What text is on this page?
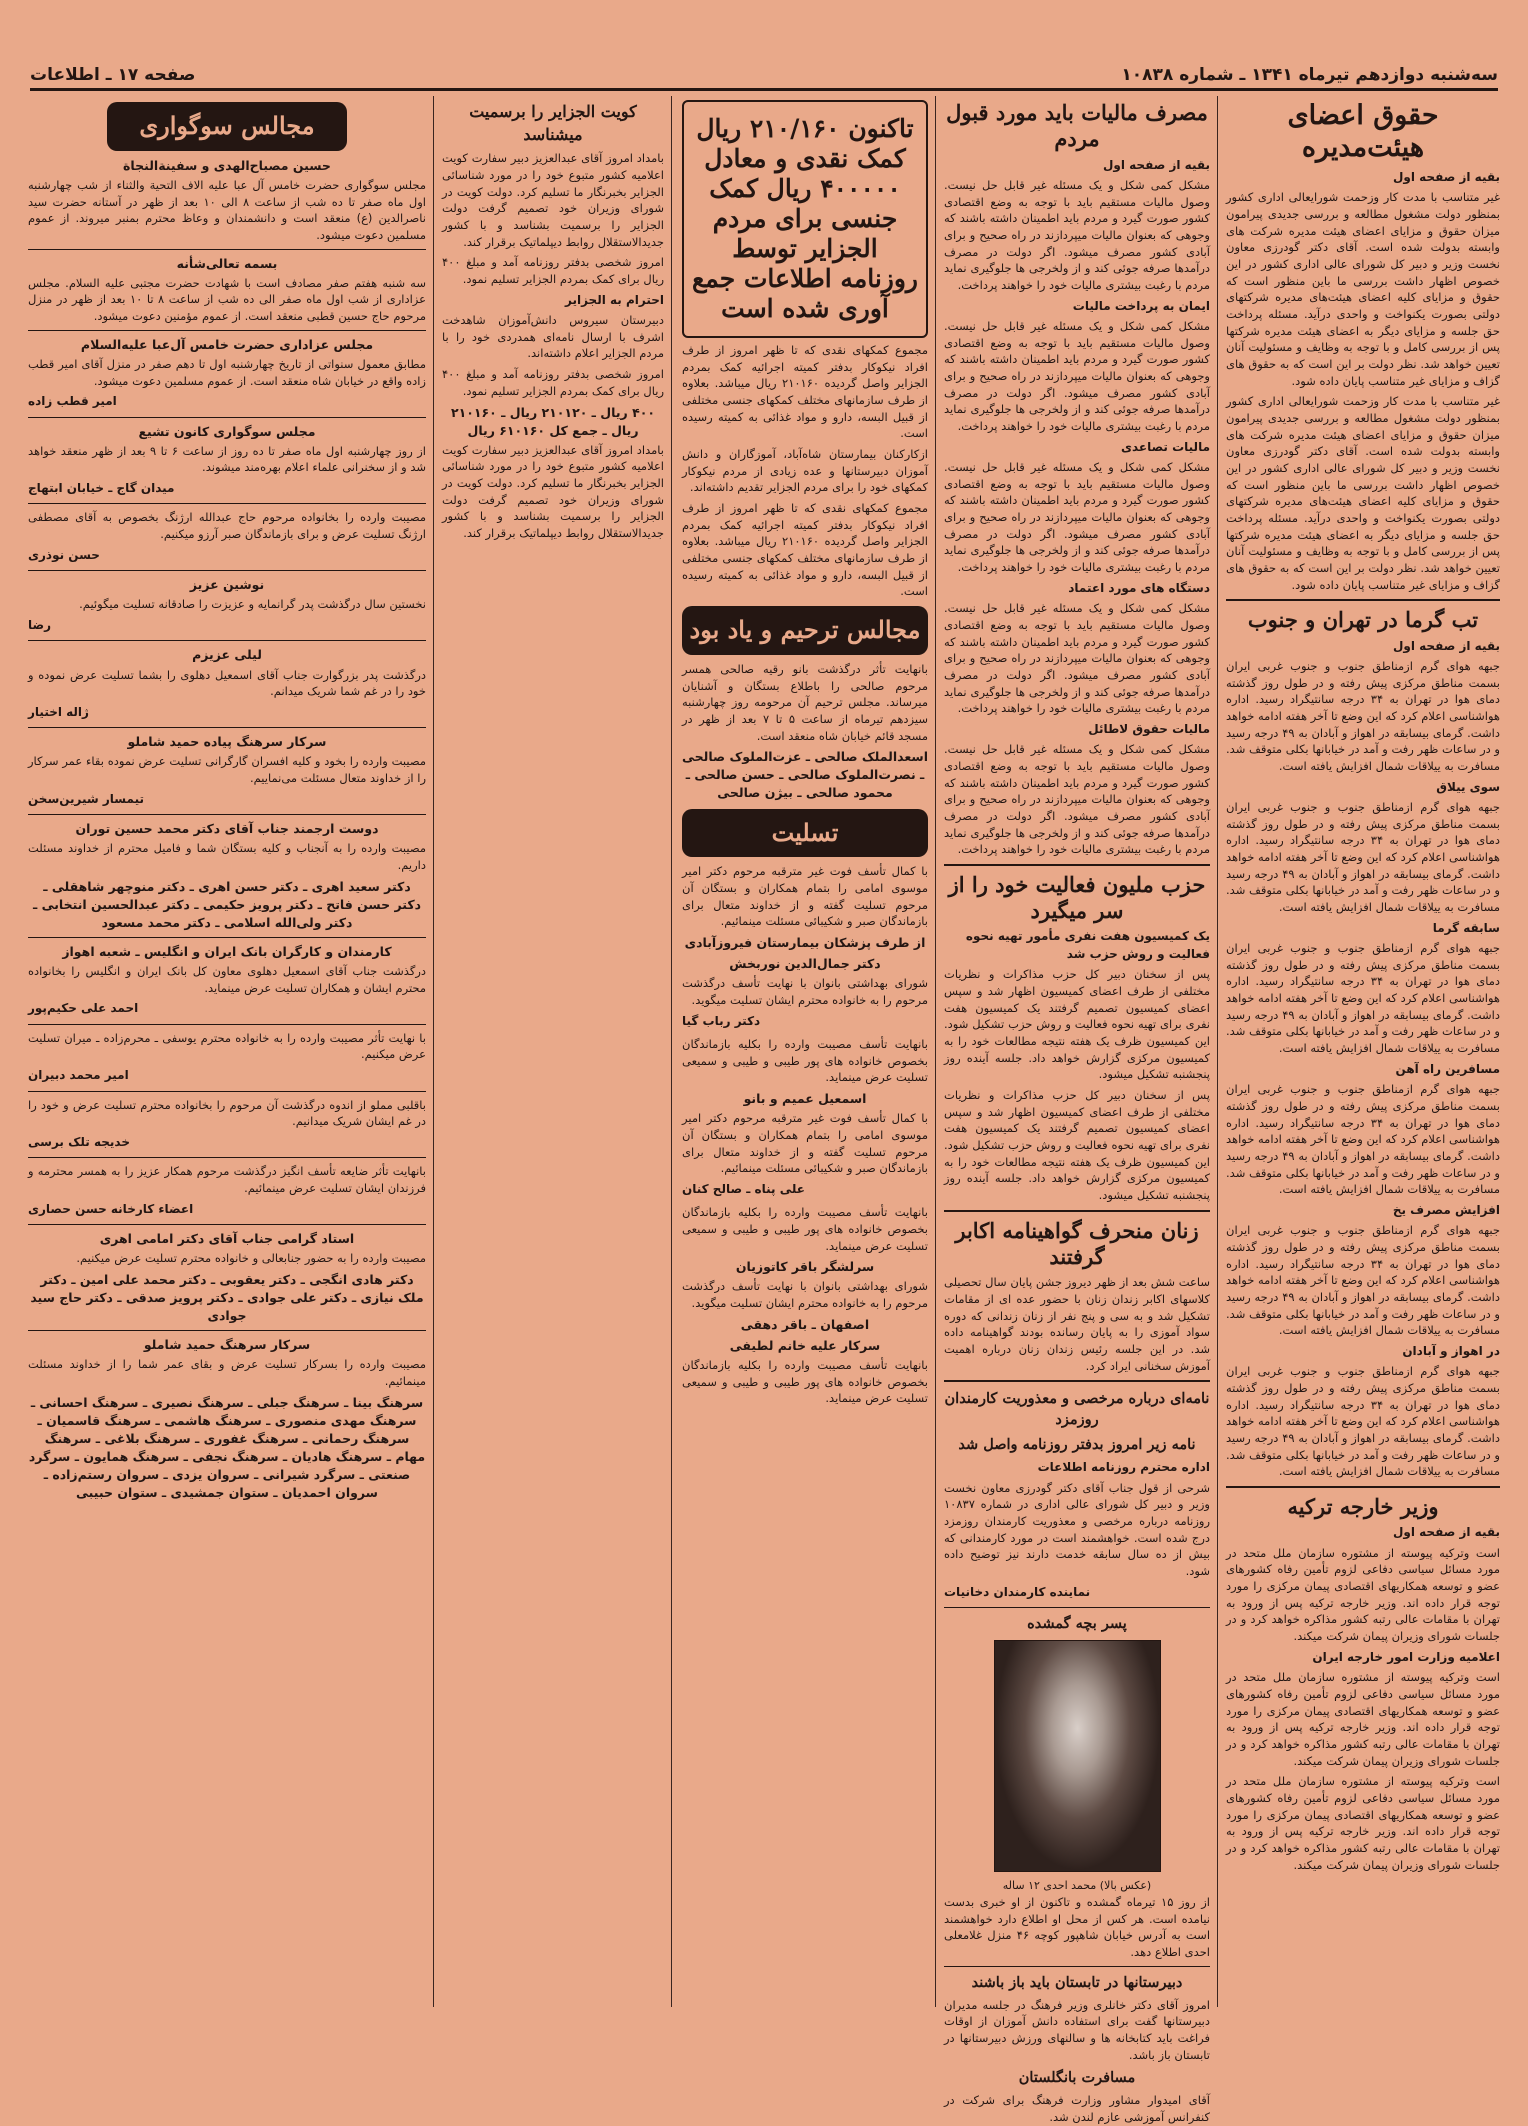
سه‌شنبه دوازدهم تیرماه ۱۳۴۱ ـ شماره ۱۰۸۳۸
صفحه ۱۷ ـ اطلاعات
حقوق اعضای هیئت‌مدیره
بقیه از صفحه اول

غیر متناسب با مدت کار وزحمت شورایعالی اداری کشور بمنظور دولت مشغول مطالعه و بررسی جدیدی پیرامون میزان حقوق و مزایای اعضای هیئت مدیره شرکت های وابسته بدولت شده است. آقای دکتر گودرزی معاون نخست وزیر و دبیر کل شورای عالی اداری کشور در این خصوص اظهار داشت بررسی ما باین منظور است که حقوق و مزایای کلیه اعضای هیئت‌های مدیره شرکتهای دولتی بصورت یکنواخت و واحدی درآید. مسئله پرداخت حق جلسه و مزایای دیگر به اعضای هیئت مدیره شرکتها پس از بررسی کامل و با توجه به وظایف و مسئولیت آنان تعیین خواهد شد. نظر دولت بر این است که به حقوق های گزاف و مزایای غیر متناسب پایان داده شود.

غیر متناسب با مدت کار وزحمت شورایعالی اداری کشور بمنظور دولت مشغول مطالعه و بررسی جدیدی پیرامون میزان حقوق و مزایای اعضای هیئت مدیره شرکت های وابسته بدولت شده است. آقای دکتر گودرزی معاون نخست وزیر و دبیر کل شورای عالی اداری کشور در این خصوص اظهار داشت بررسی ما باین منظور است که حقوق و مزایای کلیه اعضای هیئت‌های مدیره شرکتهای دولتی بصورت یکنواخت و واحدی درآید. مسئله پرداخت حق جلسه و مزایای دیگر به اعضای هیئت مدیره شرکتها پس از بررسی کامل و با توجه به وظایف و مسئولیت آنان تعیین خواهد شد. نظر دولت بر این است که به حقوق های گزاف و مزایای غیر متناسب پایان داده شود.

تب گرما در تهران و جنوب
بقیه از صفحه اول

جبهه هوای گرم ازمناطق جنوب و جنوب غربی ایران بسمت مناطق مرکزی پیش رفته و در طول روز گذشته دمای هوا در تهران به ۳۴ درجه سانتیگراد رسید. اداره هواشناسی اعلام کرد که این وضع تا آخر هفته ادامه خواهد داشت. گرمای بیسابقه در اهواز و آبادان به ۴۹ درجه رسید و در ساعات ظهر رفت و آمد در خیابانها بکلی متوقف شد. مسافرت به ییلاقات شمال افزایش یافته است.

سوی ییلاق

جبهه هوای گرم ازمناطق جنوب و جنوب غربی ایران بسمت مناطق مرکزی پیش رفته و در طول روز گذشته دمای هوا در تهران به ۳۴ درجه سانتیگراد رسید. اداره هواشناسی اعلام کرد که این وضع تا آخر هفته ادامه خواهد داشت. گرمای بیسابقه در اهواز و آبادان به ۴۹ درجه رسید و در ساعات ظهر رفت و آمد در خیابانها بکلی متوقف شد. مسافرت به ییلاقات شمال افزایش یافته است.

سابقه گرما

جبهه هوای گرم ازمناطق جنوب و جنوب غربی ایران بسمت مناطق مرکزی پیش رفته و در طول روز گذشته دمای هوا در تهران به ۳۴ درجه سانتیگراد رسید. اداره هواشناسی اعلام کرد که این وضع تا آخر هفته ادامه خواهد داشت. گرمای بیسابقه در اهواز و آبادان به ۴۹ درجه رسید و در ساعات ظهر رفت و آمد در خیابانها بکلی متوقف شد. مسافرت به ییلاقات شمال افزایش یافته است.

مسافرین راه آهن

جبهه هوای گرم ازمناطق جنوب و جنوب غربی ایران بسمت مناطق مرکزی پیش رفته و در طول روز گذشته دمای هوا در تهران به ۳۴ درجه سانتیگراد رسید. اداره هواشناسی اعلام کرد که این وضع تا آخر هفته ادامه خواهد داشت. گرمای بیسابقه در اهواز و آبادان به ۴۹ درجه رسید و در ساعات ظهر رفت و آمد در خیابانها بکلی متوقف شد. مسافرت به ییلاقات شمال افزایش یافته است.

افزایش مصرف یخ

جبهه هوای گرم ازمناطق جنوب و جنوب غربی ایران بسمت مناطق مرکزی پیش رفته و در طول روز گذشته دمای هوا در تهران به ۳۴ درجه سانتیگراد رسید. اداره هواشناسی اعلام کرد که این وضع تا آخر هفته ادامه خواهد داشت. گرمای بیسابقه در اهواز و آبادان به ۴۹ درجه رسید و در ساعات ظهر رفت و آمد در خیابانها بکلی متوقف شد. مسافرت به ییلاقات شمال افزایش یافته است.

در اهواز و آبادان

جبهه هوای گرم ازمناطق جنوب و جنوب غربی ایران بسمت مناطق مرکزی پیش رفته و در طول روز گذشته دمای هوا در تهران به ۳۴ درجه سانتیگراد رسید. اداره هواشناسی اعلام کرد که این وضع تا آخر هفته ادامه خواهد داشت. گرمای بیسابقه در اهواز و آبادان به ۴۹ درجه رسید و در ساعات ظهر رفت و آمد در خیابانها بکلی متوقف شد. مسافرت به ییلاقات شمال افزایش یافته است.

وزیر خارجه ترکیه
بقیه از صفحه اول

است وترکیه پیوسته از مشتوره سازمان ملل متحد در مورد مسائل سیاسی دفاعی لزوم تأمین رفاه کشورهای عضو و توسعه همکاریهای اقتصادی پیمان مرکزی را مورد توجه قرار داده اند. وزیر خارجه ترکیه پس از ورود به تهران با مقامات عالی رتبه کشور مذاکره خواهد کرد و در جلسات شورای وزیران پیمان شرکت میکند.

اعلامیه وزارت امور خارجه ایران

است وترکیه پیوسته از مشتوره سازمان ملل متحد در مورد مسائل سیاسی دفاعی لزوم تأمین رفاه کشورهای عضو و توسعه همکاریهای اقتصادی پیمان مرکزی را مورد توجه قرار داده اند. وزیر خارجه ترکیه پس از ورود به تهران با مقامات عالی رتبه کشور مذاکره خواهد کرد و در جلسات شورای وزیران پیمان شرکت میکند.

است وترکیه پیوسته از مشتوره سازمان ملل متحد در مورد مسائل سیاسی دفاعی لزوم تأمین رفاه کشورهای عضو و توسعه همکاریهای اقتصادی پیمان مرکزی را مورد توجه قرار داده اند. وزیر خارجه ترکیه پس از ورود به تهران با مقامات عالی رتبه کشور مذاکره خواهد کرد و در جلسات شورای وزیران پیمان شرکت میکند.

مصرف مالیات باید مورد قبول مردم
بقیه از صفحه اول

مشکل کمی شکل و یک مسئله غیر قابل حل نیست. وصول مالیات مستقیم باید با توجه به وضع اقتصادی کشور صورت گیرد و مردم باید اطمینان داشته باشند که وجوهی که بعنوان مالیات میپردازند در راه صحیح و برای آبادی کشور مصرف میشود. اگر دولت در مصرف درآمدها صرفه جوئی کند و از ولخرجی ها جلوگیری نماید مردم با رغبت بیشتری مالیات خود را خواهند پرداخت.

ایمان به پرداخت مالیات

مشکل کمی شکل و یک مسئله غیر قابل حل نیست. وصول مالیات مستقیم باید با توجه به وضع اقتصادی کشور صورت گیرد و مردم باید اطمینان داشته باشند که وجوهی که بعنوان مالیات میپردازند در راه صحیح و برای آبادی کشور مصرف میشود. اگر دولت در مصرف درآمدها صرفه جوئی کند و از ولخرجی ها جلوگیری نماید مردم با رغبت بیشتری مالیات خود را خواهند پرداخت.

مالیات تصاعدی

مشکل کمی شکل و یک مسئله غیر قابل حل نیست. وصول مالیات مستقیم باید با توجه به وضع اقتصادی کشور صورت گیرد و مردم باید اطمینان داشته باشند که وجوهی که بعنوان مالیات میپردازند در راه صحیح و برای آبادی کشور مصرف میشود. اگر دولت در مصرف درآمدها صرفه جوئی کند و از ولخرجی ها جلوگیری نماید مردم با رغبت بیشتری مالیات خود را خواهند پرداخت.

دستگاه های مورد اعتماد

مشکل کمی شکل و یک مسئله غیر قابل حل نیست. وصول مالیات مستقیم باید با توجه به وضع اقتصادی کشور صورت گیرد و مردم باید اطمینان داشته باشند که وجوهی که بعنوان مالیات میپردازند در راه صحیح و برای آبادی کشور مصرف میشود. اگر دولت در مصرف درآمدها صرفه جوئی کند و از ولخرجی ها جلوگیری نماید مردم با رغبت بیشتری مالیات خود را خواهند پرداخت.

مالیات حقوق لاطائل

مشکل کمی شکل و یک مسئله غیر قابل حل نیست. وصول مالیات مستقیم باید با توجه به وضع اقتصادی کشور صورت گیرد و مردم باید اطمینان داشته باشند که وجوهی که بعنوان مالیات میپردازند در راه صحیح و برای آبادی کشور مصرف میشود. اگر دولت در مصرف درآمدها صرفه جوئی کند و از ولخرجی ها جلوگیری نماید مردم با رغبت بیشتری مالیات خود را خواهند پرداخت.

حزب ملیون فعالیت خود را از سر میگیرد
یک کمیسیون هفت نفری مأمور تهیه نحوه فعالیت و روش حزب شد

پس از سخنان دبیر کل حزب مذاکرات و نظریات مختلفی از طرف اعضای کمیسیون اظهار شد و سپس اعضای کمیسیون تصمیم گرفتند یک کمیسیون هفت نفری برای تهیه نحوه فعالیت و روش حزب تشکیل شود. این کمیسیون ظرف یک هفته نتیجه مطالعات خود را به کمیسیون مرکزی گزارش خواهد داد. جلسه آینده روز پنجشنبه تشکیل میشود.

پس از سخنان دبیر کل حزب مذاکرات و نظریات مختلفی از طرف اعضای کمیسیون اظهار شد و سپس اعضای کمیسیون تصمیم گرفتند یک کمیسیون هفت نفری برای تهیه نحوه فعالیت و روش حزب تشکیل شود. این کمیسیون ظرف یک هفته نتیجه مطالعات خود را به کمیسیون مرکزی گزارش خواهد داد. جلسه آینده روز پنجشنبه تشکیل میشود.

زنان منحرف گواهینامه اکابر گرفتند

ساعت شش بعد از ظهر دیروز جشن پایان سال تحصیلی کلاسهای اکابر زندان زنان با حضور عده ای از مقامات تشکیل شد و به سی و پنج نفر از زنان زندانی که دوره سواد آموزی را به پایان رسانده بودند گواهینامه داده شد. در این جلسه رئیس زندان زنان درباره اهمیت آموزش سخنانی ایراد کرد.

نامه‌ای درباره مرخصی و معذوریت کارمندان روزمزد
نامه زیر امروز بدفتر روزنامه واصل شد
اداره محترم روزنامه اطلاعات

شرحی از قول جناب آقای دکتر گودرزی معاون نخست وزیر و دبیر کل شورای عالی اداری در شماره ۱۰۸۳۷ روزنامه درباره مرخصی و معذوریت کارمندان روزمزد درج شده است. خواهشمند است در مورد کارمندانی که بیش از ده سال سابقه خدمت دارند نیز توضیح داده شود.

نماینده کارمندان دخانیات
پسر بچه گمشده
(عکس بالا) محمد احدی ۱۲ ساله

از روز ۱۵ تیرماه گمشده و تاکنون از او خبری بدست نیامده است. هر کس از محل او اطلاع دارد خواهشمند است به آدرس خیابان شاهپور کوچه ۴۶ منزل غلامعلی احدی اطلاع دهد.

دبیرستانها در تابستان باید باز باشند

امروز آقای دکتر خانلری وزیر فرهنگ در جلسه مدیران دبیرستانها گفت برای استفاده دانش آموزان از اوقات فراغت باید کتابخانه ها و سالنهای ورزش دبیرستانها در تابستان باز باشد.

مسافرت بانگلستان

آقای امیدوار مشاور وزارت فرهنگ برای شرکت در کنفرانس آموزشی عازم لندن شد.

تاکنون ۲۱۰/۱۶۰ ریال کمک نقدی و معادل ۴۰۰۰۰۰ ریال کمک جنسی برای مردم الجزایر توسط روزنامه اطلاعات جمع آوری شده است

مجموع کمکهای نقدی که تا ظهر امروز از طرف افراد نیکوکار بدفتر کمیته اجرائیه کمک بمردم الجزایر واصل گردیده ۲۱۰۱۶۰ ریال میباشد. بعلاوه از طرف سازمانهای مختلف کمکهای جنسی مختلفی از قبیل البسه، دارو و مواد غذائی به کمیته رسیده است.

ازکارکنان بیمارستان شاه‌آباد، آموزگاران و دانش آموزان دبیرستانها و عده زیادی از مردم نیکوکار کمکهای خود را برای مردم الجزایر تقدیم داشته‌اند.

مجموع کمکهای نقدی که تا ظهر امروز از طرف افراد نیکوکار بدفتر کمیته اجرائیه کمک بمردم الجزایر واصل گردیده ۲۱۰۱۶۰ ریال میباشد. بعلاوه از طرف سازمانهای مختلف کمکهای جنسی مختلفی از قبیل البسه، دارو و مواد غذائی به کمیته رسیده است.

مجالس ترحیم و یاد بود

بانهایت تأثر درگذشت بانو رقیه صالحی همسر مرحوم صالحی را باطلاع بستگان و آشنایان میرساند. مجلس ترحیم آن مرحومه روز چهارشنبه سیزدهم تیرماه از ساعت ۵ تا ۷ بعد از ظهر در مسجد قائم خیابان شاه منعقد است.

اسعدالملک صالحی ـ عزت‌الملوک صالحی ـ نصرت‌الملوک صالحی ـ حسن صالحی ـ محمود صالحی ـ بیژن صالحی
تسلیت

با کمال تأسف فوت غیر مترقبه مرحوم دکتر امیر موسوی امامی را بتمام همکاران و بستگان آن مرحوم تسلیت گفته و از خداوند متعال برای بازماندگان صبر و شکیبائی مسئلت مینمائیم.

از طرف پزشکان بیمارستان فیروزآبادی
دکتر جمال‌الدین نوربخش

شورای بهداشتی بانوان با نهایت تأسف درگذشت مرحوم را به خانواده محترم ایشان تسلیت میگوید.

دکتر رباب گیا

بانهایت تأسف مصیبت وارده را بکلیه بازماندگان بخصوص خانواده های پور طیبی و طیبی و سمیعی تسلیت عرض مینماید.

اسمعیل عمیم و بانو

با کمال تأسف فوت غیر مترقبه مرحوم دکتر امیر موسوی امامی را بتمام همکاران و بستگان آن مرحوم تسلیت گفته و از خداوند متعال برای بازماندگان صبر و شکیبائی مسئلت مینمائیم.

علی پناه ـ صالح کنان

بانهایت تأسف مصیبت وارده را بکلیه بازماندگان بخصوص خانواده های پور طیبی و طیبی و سمیعی تسلیت عرض مینماید.

سرلشگر باقر کاتوزیان

شورای بهداشتی بانوان با نهایت تأسف درگذشت مرحوم را به خانواده محترم ایشان تسلیت میگوید.

اصفهان ـ باقر دهقی
سرکار علیه خانم لطیفی

بانهایت تأسف مصیبت وارده را بکلیه بازماندگان بخصوص خانواده های پور طیبی و طیبی و سمیعی تسلیت عرض مینماید.

کویت الجزایر را برسمیت میشناسد

بامداد امروز آقای عبدالعزیز دبیر سفارت کویت اعلامیه کشور متبوع خود را در مورد شناسائی الجزایر بخبرنگار ما تسلیم کرد. دولت کویت در شورای وزیران خود تصمیم گرفت دولت الجزایر را برسمیت بشناسد و با کشور جدیدالاستقلال روابط دیپلماتیک برقرار کند.

امروز شخصی بدفتر روزنامه آمد و مبلغ ۴۰۰ ریال برای کمک بمردم الجزایر تسلیم نمود.

احترام به الجزایر

دبیرستان سیروس دانش‌آموزان شاهدخت اشرف با ارسال نامه‌ای همدردی خود را با مردم الجزایر اعلام داشته‌اند.

امروز شخصی بدفتر روزنامه آمد و مبلغ ۴۰۰ ریال برای کمک بمردم الجزایر تسلیم نمود.

۴۰۰ ریال ـ ۲۱۰۱۲۰ ریال ـ ۲۱۰۱۶۰ ریال ـ جمع کل ۶۱۰۱۶۰ ریال

بامداد امروز آقای عبدالعزیز دبیر سفارت کویت اعلامیه کشور متبوع خود را در مورد شناسائی الجزایر بخبرنگار ما تسلیم کرد. دولت کویت در شورای وزیران خود تصمیم گرفت دولت الجزایر را برسمیت بشناسد و با کشور جدیدالاستقلال روابط دیپلماتیک برقرار کند.

مجالس سوگواری
حسین مصباح‌الهدی و سفینة‌النجاة

مجلس سوگواری حضرت خامس آل عبا علیه الاف التحیة والثناء از شب چهارشنبه اول ماه صفر تا ده شب از ساعت ۸ الی ۱۰ بعد از ظهر در آستانه حضرت سید ناصرالدین (ع) منعقد است و دانشمندان و وعاظ محترم بمنبر میروند. از عموم مسلمین دعوت میشود.

بسمه تعالی‌شأنه

سه شنبه هفتم صفر مصادف است با شهادت حضرت مجتبی علیه السلام. مجلس عزاداری از شب اول ماه صفر الی ده شب از ساعت ۸ تا ۱۰ بعد از ظهر در منزل مرحوم حاج حسین قطبی منعقد است. از عموم مؤمنین دعوت میشود.

مجلس عزاداری حضرت خامس آل‌عبا علیه‌السلام

مطابق معمول سنواتی از تاریخ چهارشنبه اول تا دهم صفر در منزل آقای امیر قطب زاده واقع در خیابان شاه منعقد است. از عموم مسلمین دعوت میشود.

امیر قطب زاده
مجلس سوگواری کانون تشیع

از روز چهارشنبه اول ماه صفر تا ده روز از ساعت ۶ تا ۹ بعد از ظهر منعقد خواهد شد و از سخنرانی علماء اعلام بهره‌مند میشوند.

میدان گاج ـ خیابان ابتهاج

مصیبت وارده را بخانواده مرحوم حاج عبدالله ارژنگ بخصوص به آقای مصطفی ارژنگ تسلیت عرض و برای بازماندگان صبر آرزو میکنیم.

حسن نوذری
نوشین عزیز

نخستین سال درگذشت پدر گرانمایه و عزیزت را صادقانه تسلیت میگوئیم.

رضا
لیلی عزیزم

درگذشت پدر بزرگوارت جناب آقای اسمعیل دهلوی را بشما تسلیت عرض نموده و خود را در غم شما شریک میدانم.

ژاله اختیار
سرکار سرهنگ پیاده حمید شاملو

مصیبت وارده را بخود و کلیه افسران گارگرانی تسلیت عرض نموده بقاء عمر سرکار را از خداوند متعال مسئلت می‌نماییم.

تیمسار شیرین‌سخن
دوست ارجمند جناب آقای دکتر محمد حسین توران

مصیبت وارده را به آنجناب و کلیه بستگان شما و فامیل محترم از خداوند مسئلت داریم.

دکتر سعید اهری ـ دکتر حسن اهری ـ دکتر منوچهر شاهقلی ـ دکتر حسن فاتح ـ دکتر پرویز حکیمی ـ دکتر عبدالحسین انتخابی ـ دکتر ولی‌الله اسلامی ـ دکتر محمد مسعود
کارمندان و کارگران بانک ایران و انگلیس ـ شعبه اهواز

درگذشت جناب آقای اسمعیل دهلوی معاون کل بانک ایران و انگلیس را بخانواده محترم ایشان و همکاران تسلیت عرض مینماید.

احمد علی حکیم‌پور

با نهایت تأثر مصیبت وارده را به خانواده محترم یوسفی ـ محرم‌زاده ـ میران تسلیت عرض میکنیم.

امیر محمد دبیران

باقلبی مملو از اندوه درگذشت آن مرحوم را بخانواده محترم تسلیت عرض و خود را در غم ایشان شریک میدانیم.

خدیجه تلک برسی

بانهایت تأثر ضایعه تأسف انگیز درگذشت مرحوم همکار عزیز را به همسر محترمه و فرزندان ایشان تسلیت عرض مینمائیم.

اعضاء کارخانه حسن حصاری
استاد گرامی جناب آقای دکتر امامی اهری

مصیبت وارده را به حضور جنابعالی و خانواده محترم تسلیت عرض میکنیم.

دکتر هادی انگجی ـ دکتر یعقوبی ـ دکتر محمد علی امین ـ دکتر ملک نیازی ـ دکتر علی جوادی ـ دکتر پرویز صدقی ـ دکتر حاج سید جوادی
سرکار سرهنگ حمید شاملو

مصیبت وارده را بسرکار تسلیت عرض و بقای عمر شما را از خداوند مسئلت مینمائیم.

سرهنگ بینا ـ سرهنگ جبلی ـ سرهنگ نصیری ـ سرهنگ احسانی ـ سرهنگ مهدی منصوری ـ سرهنگ هاشمی ـ سرهنگ قاسمیان ـ سرهنگ رحمانی ـ سرهنگ غفوری ـ سرهنگ بلاغی ـ سرهنگ مهام ـ سرهنگ هادیان ـ سرهنگ نجفی ـ سرهنگ همایون ـ سرگرد صنعتی ـ سرگرد شیرانی ـ سروان یزدی ـ سروان رستم‌زاده ـ سروان احمدیان ـ ستوان جمشیدی ـ ستوان حبیبی
